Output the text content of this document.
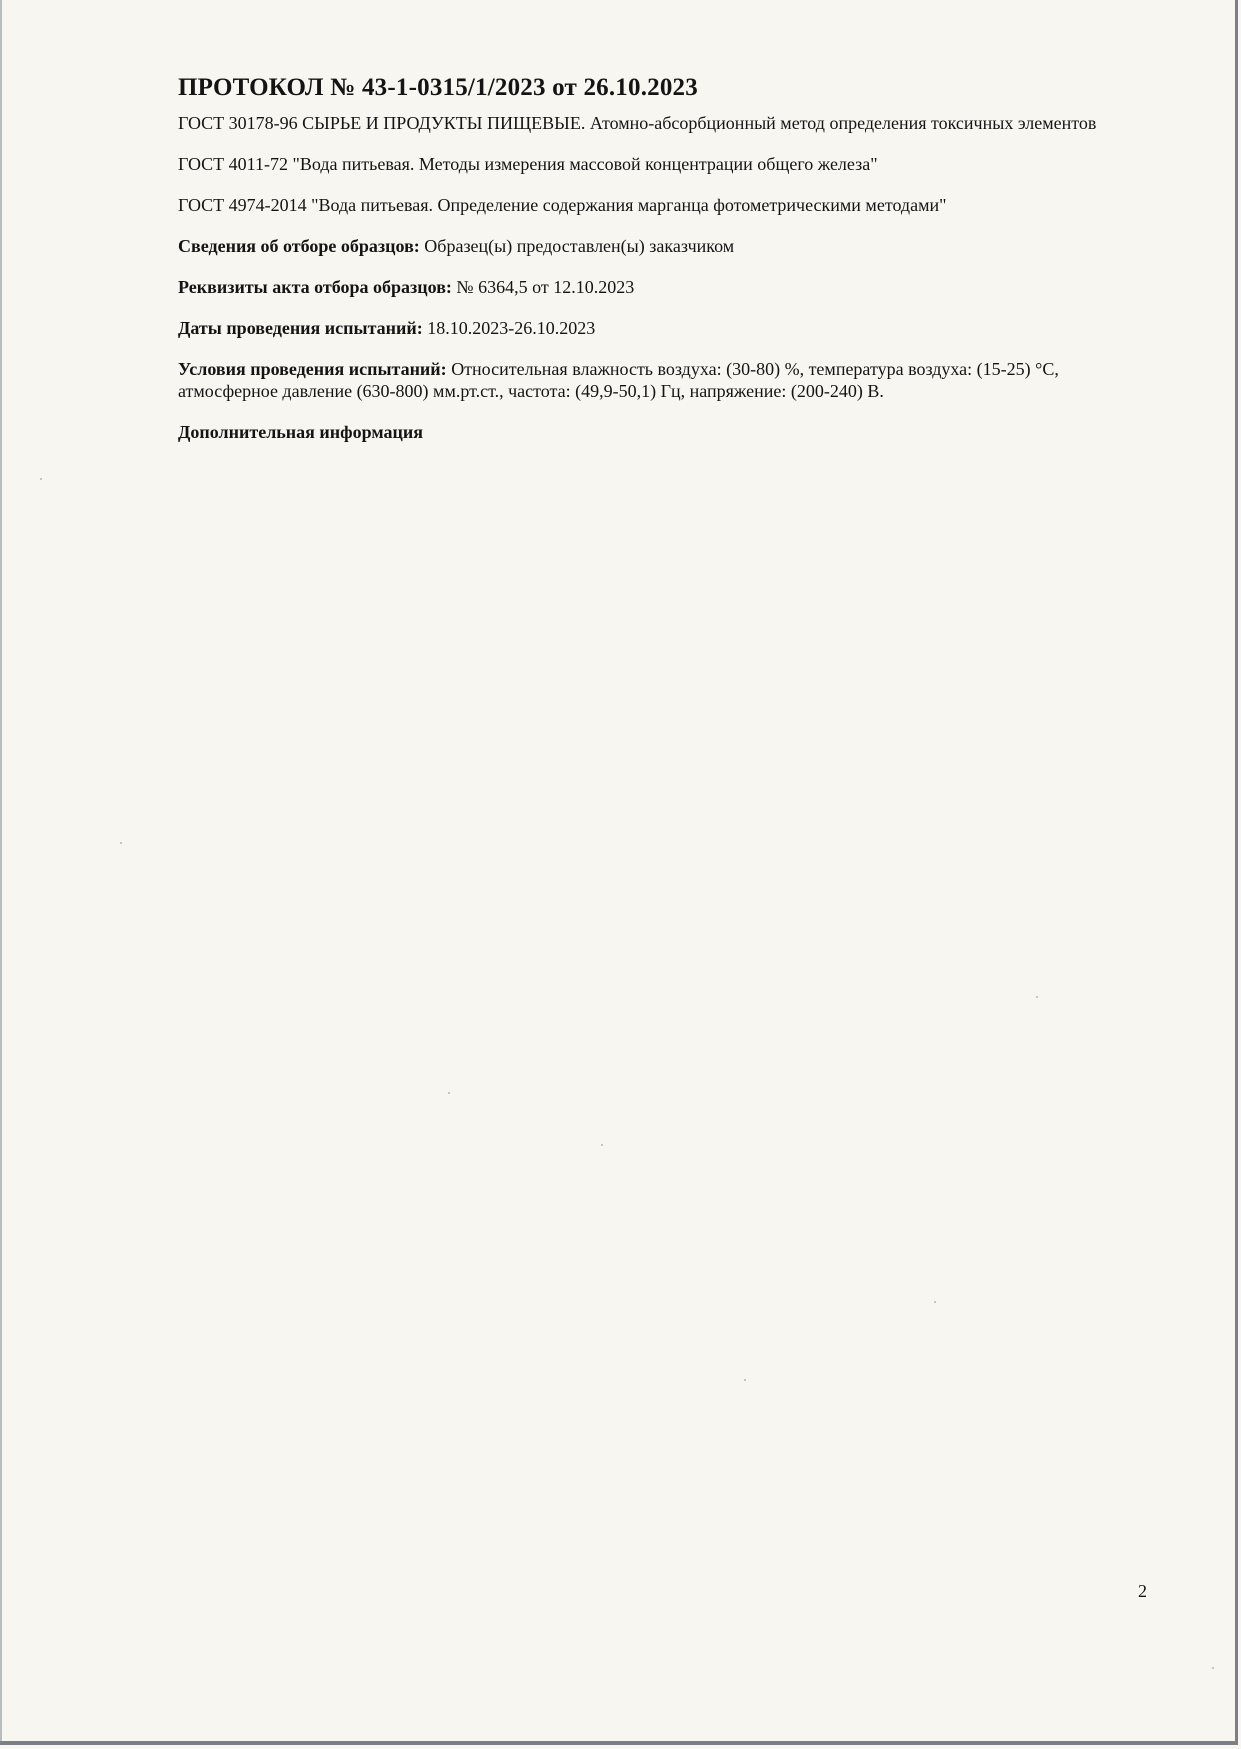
ПРОТОКОЛ № 43-1-0315/1/2023 от 26.10.2023

ГОСТ 30178-96 СЫРЬЕ И ПРОДУКТЫ ПИЩЕВЫЕ. Атомно-абсорбционный метод определения токсичных элементов

ГОСТ 4011-72 "Вода питьевая. Методы измерения массовой концентрации общего железа"

ГОСТ 4974-2014 "Вода питьевая. Определение содержания марганца фотометрическими методами"

Сведения об отборе образцов: Образец(ы) предоставлен(ы) заказчиком

Реквизиты акта отбора образцов: № 6364,5 от 12.10.2023

Даты проведения испытаний: 18.10.2023-26.10.2023

Условия проведения испытаний: Относительная влажность воздуха: (30-80) %, температура воздуха: (15-25) °С, атмосферное давление (630-800) мм.рт.ст., частота: (49,9-50,1) Гц, напряжение: (200-240) В.

Дополнительная информация

2
